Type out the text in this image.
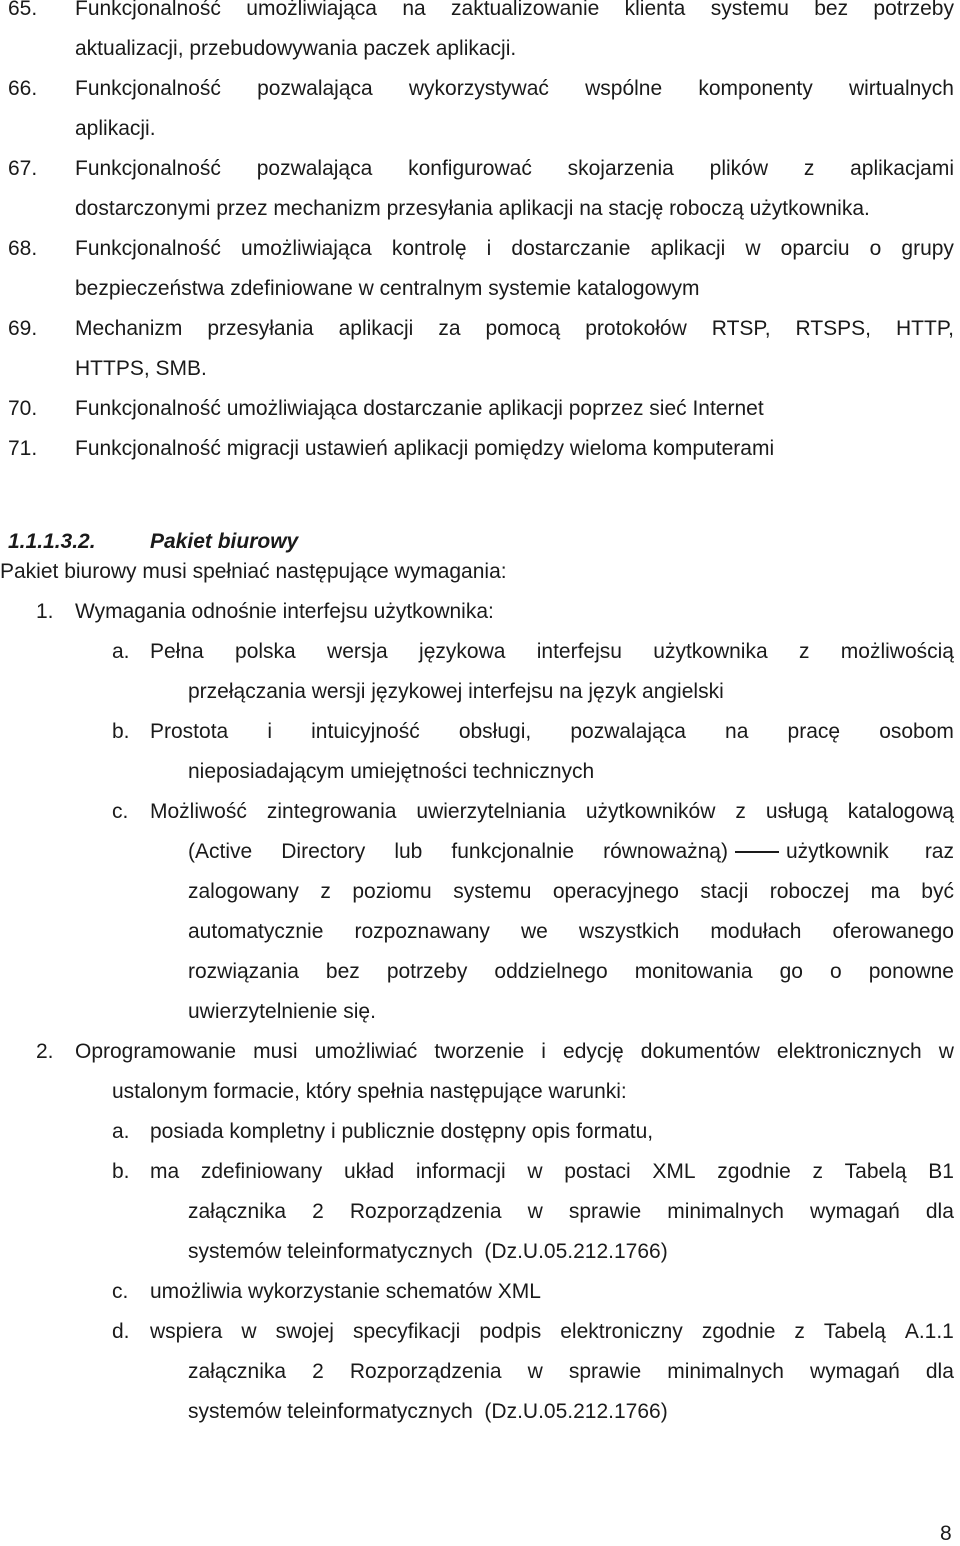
65. Funkcjonalność umożliwiająca na zaktualizowanie klienta systemu bez potrzeby
aktualizacji, przebudowywania paczek aplikacji.
66. Funkcjonalność pozwalająca wykorzystywać wspólne komponenty wirtualnych
aplikacji.
67. Funkcjonalność pozwalająca konfigurować skojarzenia plików z aplikacjami
dostarczonymi przez mechanizm przesyłania aplikacji na stację roboczą użytkownika.
68. Funkcjonalność umożliwiająca kontrolę i dostarczanie aplikacji w oparciu o grupy
bezpieczeństwa zdefiniowane w centralnym systemie katalogowym
69. Mechanizm przesyłania aplikacji za pomocą protokołów RTSP, RTSPS, HTTP,
HTTPS, SMB.
70. Funkcjonalność umożliwiająca dostarczanie aplikacji poprzez sieć Internet
71. Funkcjonalność migracji ustawień aplikacji pomiędzy wieloma komputerami
1.1.1.3.2.	Pakiet biurowy
Pakiet biurowy musi spełniać następujące wymagania:
1. Wymagania odnośnie interfejsu użytkownika:
a. Pełna polska wersja językowa interfejsu użytkownika z możliwością
przełączania wersji językowej interfejsu na język angielski
b. Prostota i intuicyjność obsługi, pozwalająca na pracę osobom
nieposiadającym umiejętności technicznych
c. Możliwość zintegrowania uwierzytelniania użytkowników z usługą katalogową
(Active Directory lub funkcjonalnie równoważną)	użytkownik raz
zalogowany z poziomu systemu operacyjnego stacji roboczej ma być
automatycznie rozpoznawany we wszystkich modułach oferowanego
rozwiązania bez potrzeby oddzielnego monitowania go o ponowne
uwierzytelnienie się.
2. Oprogramowanie musi umożliwiać tworzenie i edycję dokumentów elektronicznych w
ustalonym formacie, który spełnia następujące warunki:
a. posiada kompletny i publicznie dostępny opis formatu,
b. ma zdefiniowany układ informacji w postaci XML zgodnie z Tabelą B1
załącznika 2 Rozporządzenia w sprawie minimalnych wymagań dla
systemów teleinformatycznych  (Dz.U.05.212.1766)
c. umożliwia wykorzystanie schematów XML
d. wspiera w swojej specyfikacji podpis elektroniczny zgodnie z Tabelą A.1.1
załącznika 2 Rozporządzenia w sprawie minimalnych wymagań dla
systemów teleinformatycznych  (Dz.U.05.212.1766)
8
